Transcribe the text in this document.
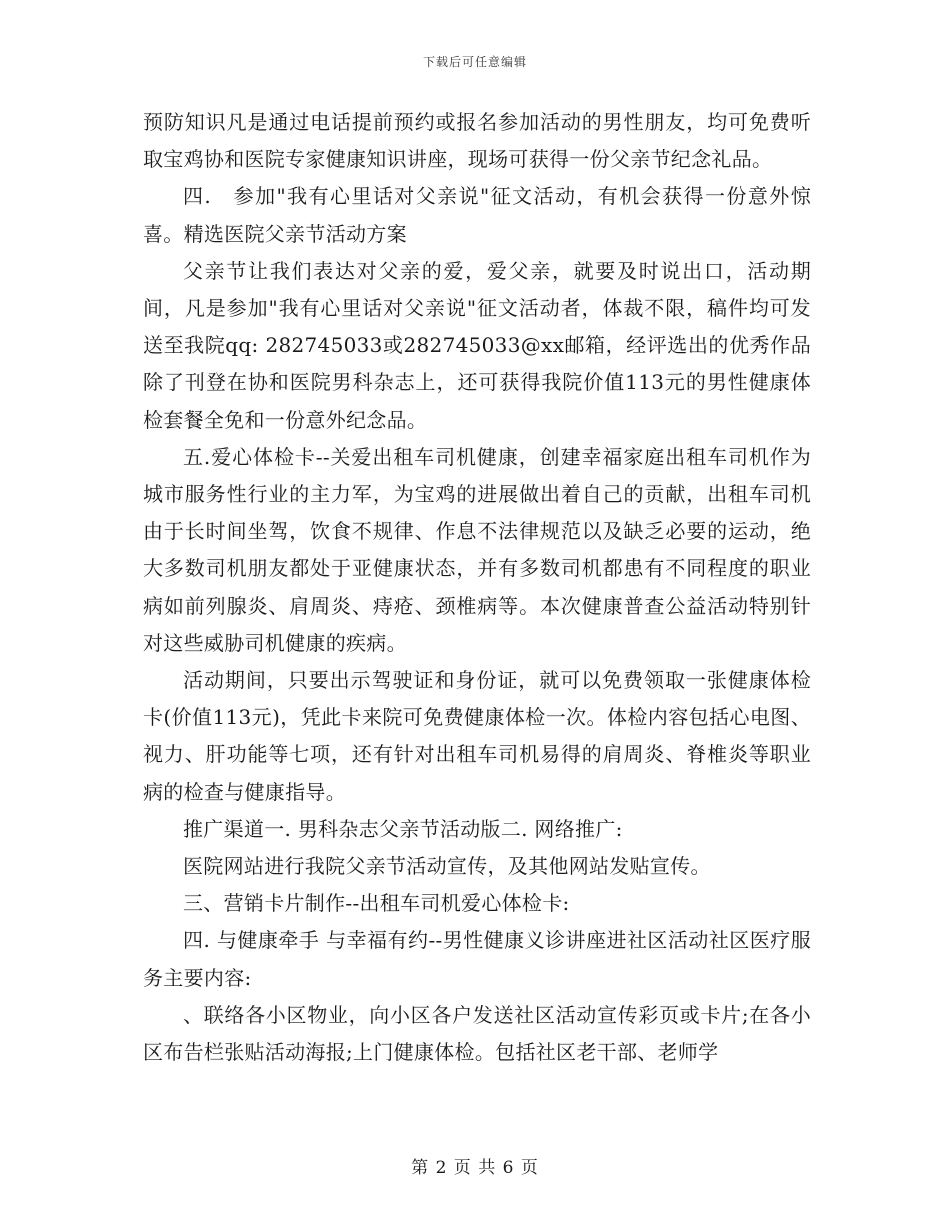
下载后可任意编辑

预防知识凡是通过电话提前预约或报名参加活动的男性朋友，均可免费听取宝鸡协和医院专家健康知识讲座，现场可获得一份父亲节纪念礼品。

四.　参加"我有心里话对父亲说"征文活动，有机会获得一份意外惊喜。精选医院父亲节活动方案

父亲节让我们表达对父亲的爱，爱父亲，就要及时说出口，活动期间，凡是参加"我有心里话对父亲说"征文活动者，体裁不限，稿件均可发送至我院qq: 282745033或282745033@xx邮箱，经评选出的优秀作品除了刊登在协和医院男科杂志上，还可获得我院价值113元的男性健康体检套餐全免和一份意外纪念品。

五.爱心体检卡--关爱出租车司机健康，创建幸福家庭出租车司机作为城市服务性行业的主力军，为宝鸡的进展做出着自己的贡献，出租车司机由于长时间坐驾，饮食不规律、作息不法律规范以及缺乏必要的运动，绝大多数司机朋友都处于亚健康状态，并有多数司机都患有不同程度的职业病如前列腺炎、肩周炎、痔疮、颈椎病等。本次健康普查公益活动特别针对这些威胁司机健康的疾病。

活动期间，只要出示驾驶证和身份证，就可以免费领取一张健康体检卡(价值113元)，凭此卡来院可免费健康体检一次。体检内容包括心电图、视力、肝功能等七项，还有针对出租车司机易得的肩周炎、脊椎炎等职业病的检查与健康指导。

推广渠道一. 男科杂志父亲节活动版二. 网络推广:

医院网站进行我院父亲节活动宣传，及其他网站发贴宣传。

三、营销卡片制作--出租车司机爱心体检卡:

四. 与健康牵手 与幸福有约--男性健康义诊讲座进社区活动社区医疗服务主要内容:

、联络各小区物业，向小区各户发送社区活动宣传彩页或卡片;在各小区布告栏张贴活动海报;上门健康体检。包括社区老干部、老师学

第 2 页 共 6 页
